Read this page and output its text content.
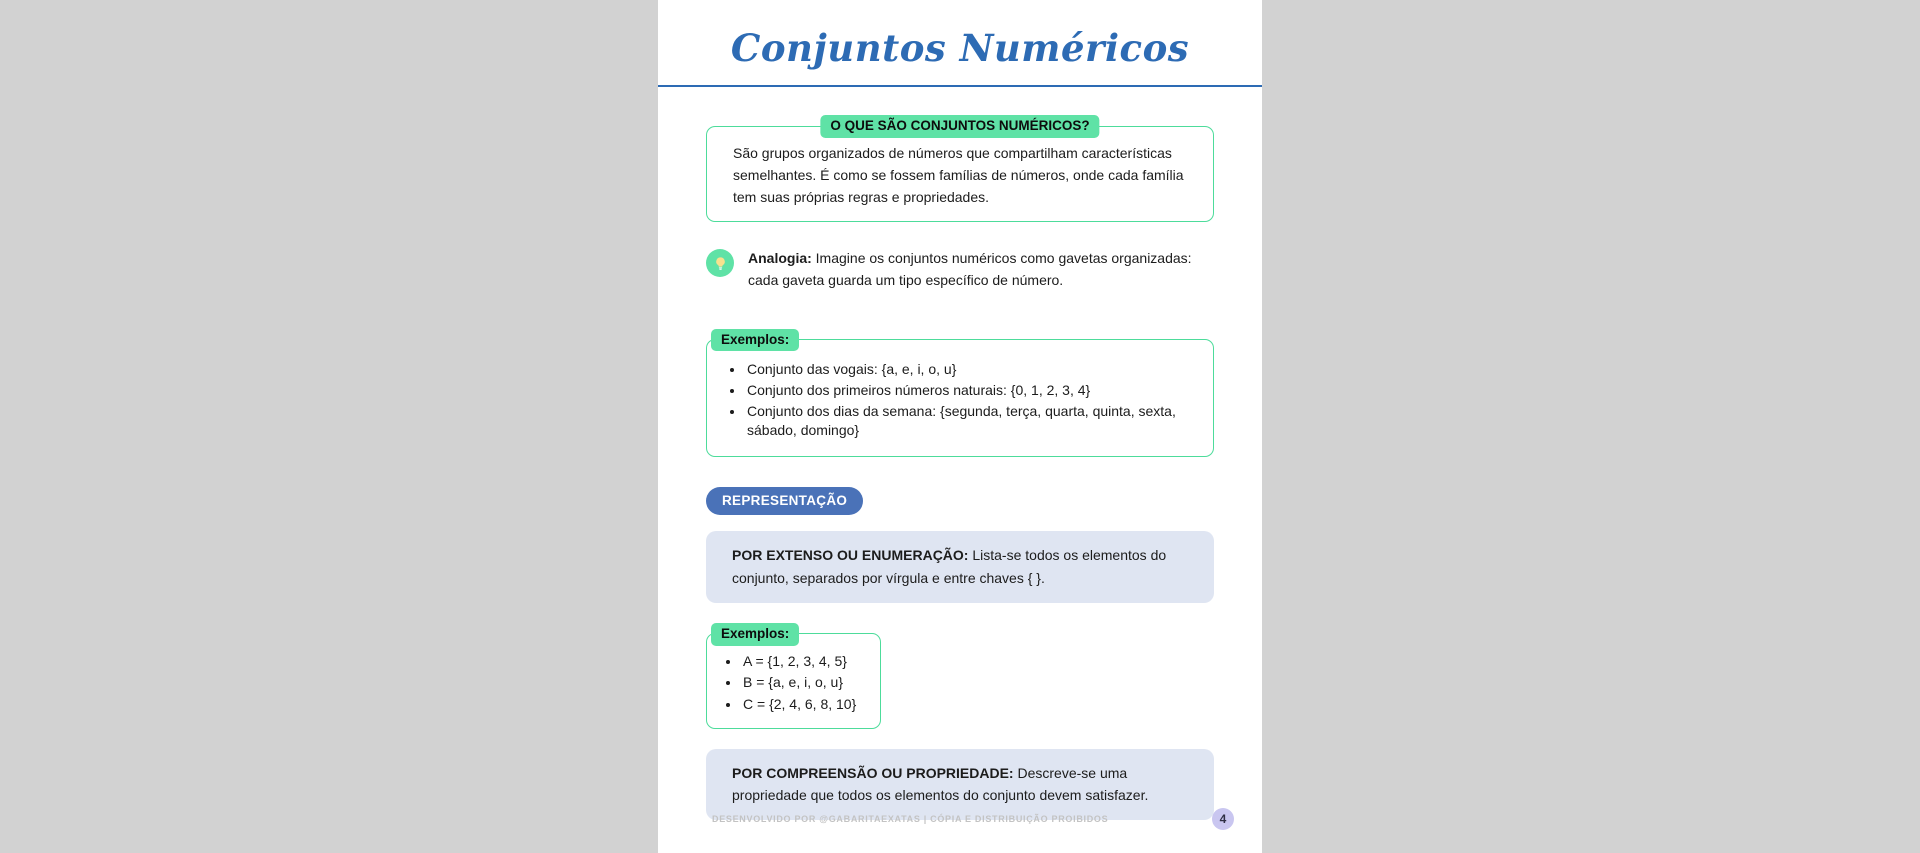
Conjuntos Numéricos
O QUE SÃO CONJUNTOS NUMÉRICOS?

São grupos organizados de números que compartilham características semelhantes. É como se fossem famílias de números, onde cada família tem suas próprias regras e propriedades.

Analogia: Imagine os conjuntos numéricos como gavetas organizadas: cada gaveta guarda um tipo específico de número.

Exemplos:
• Conjunto das vogais: {a, e, i, o, u}
• Conjunto dos primeiros números naturais: {0, 1, 2, 3, 4}
• Conjunto dos dias da semana: {segunda, terça, quarta, quinta, sexta, sábado, domingo}
REPRESENTAÇÃO
POR EXTENSO OU ENUMERAÇÃO: Lista-se todos os elementos do conjunto, separados por vírgula e entre chaves { }.
Exemplos:
• A = {1, 2, 3, 4, 5}
• B = {a, e, i, o, u}
• C = {2, 4, 6, 8, 10}
POR COMPREENSÃO OU PROPRIEDADE: Descreve-se uma propriedade que todos os elementos do conjunto devem satisfazer.
DESENVOLVIDO POR @GABARITAEXATAS | CÓPIA E DISTRIBUIÇÃO PROIBIDOS	4
